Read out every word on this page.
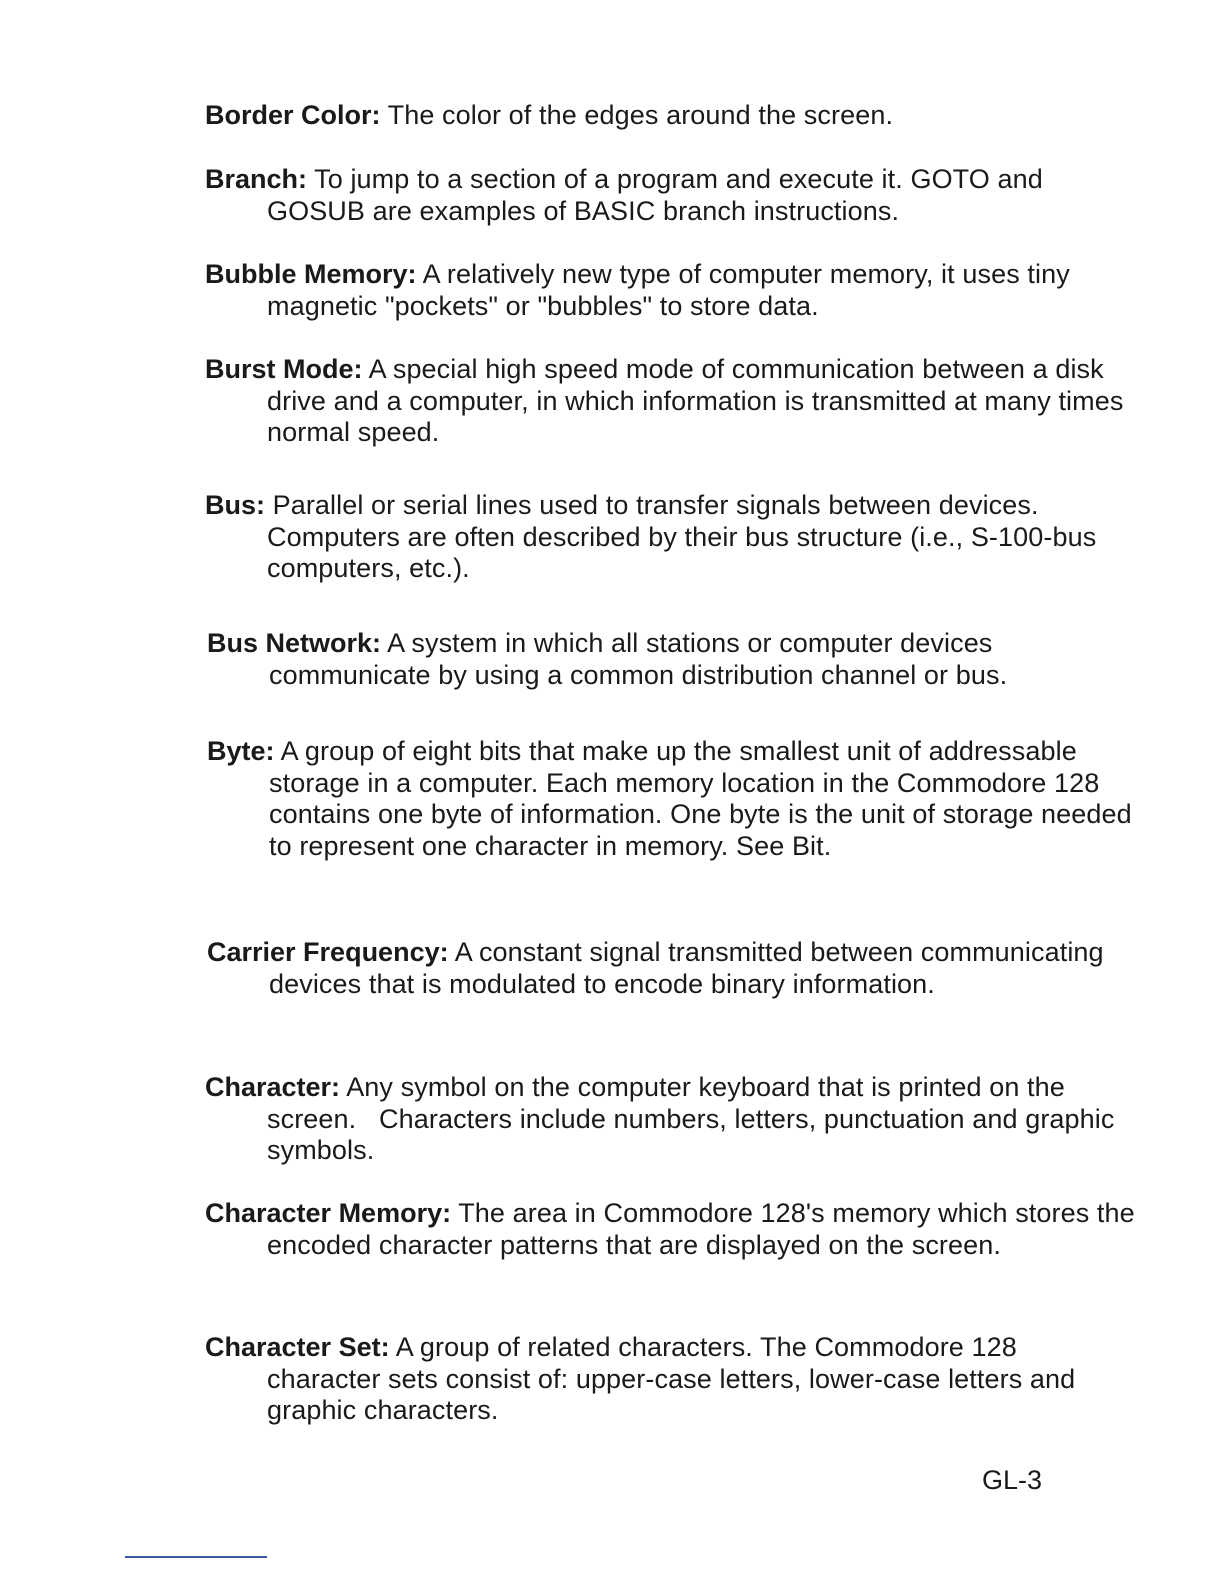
Border Color: The color of the edges around the screen.
Branch: To jump to a section of a program and execute it. GOTO and GOSUB are examples of BASIC branch instructions.
Bubble Memory: A relatively new type of computer memory, it uses tiny magnetic "pockets" or "bubbles" to store data.
Burst Mode: A special high speed mode of communication between a disk drive and a computer, in which information is transmitted at many times normal speed.
Bus: Parallel or serial lines used to transfer signals between devices. Computers are often described by their bus structure (i.e., S-100-bus computers, etc.).
Bus Network: A system in which all stations or computer devices communicate by using a common distribution channel or bus.
Byte: A group of eight bits that make up the smallest unit of addressable storage in a computer. Each memory location in the Commodore 128 contains one byte of information. One byte is the unit of storage needed to represent one character in memory. See Bit.
Carrier Frequency: A constant signal transmitted between communicating devices that is modulated to encode binary information.
Character: Any symbol on the computer keyboard that is printed on the screen.   Characters include numbers, letters, punctuation and graphic symbols.
Character Memory: The area in Commodore 128's memory which stores the encoded character patterns that are displayed on the screen.
Character Set: A group of related characters. The Commodore 128 character sets consist of: upper-case letters, lower-case letters and graphic characters.
GL-3
